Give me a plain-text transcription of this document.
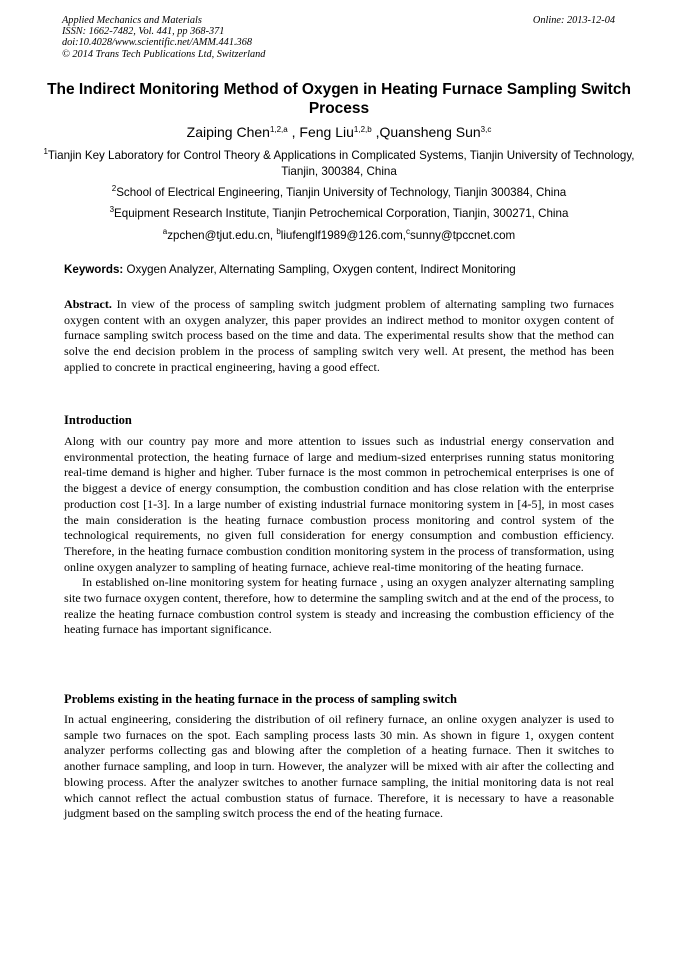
Applied Mechanics and Materials
ISSN: 1662-7482, Vol. 441, pp 368-371
doi:10.4028/www.scientific.net/AMM.441.368
© 2014 Trans Tech Publications Ltd, Switzerland
Online: 2013-12-04
The Indirect Monitoring Method of Oxygen in Heating Furnace Sampling Switch Process
Zaiping Chen$^{1,2,a}$ , Feng Liu$^{1,2,b}$ ,Quansheng Sun$^{3,c}$
$^1$Tianjin Key Laboratory for Control Theory & Applications in Complicated Systems, Tianjin University of Technology, Tianjin, 300384, China
$^2$School of Electrical Engineering, Tianjin University of Technology, Tianjin 300384, China
$^3$Equipment Research Institute, Tianjin Petrochemical Corporation, Tianjin, 300271, China
$^a$zpchen@tjut.edu.cn, $^b$liufenglf1989@126.com,$^c$sunny@tpccnet.com
Keywords: Oxygen Analyzer, Alternating Sampling, Oxygen content, Indirect Monitoring
Abstract. In view of the process of sampling switch judgment problem of alternating sampling two furnaces oxygen content with an oxygen analyzer, this paper provides an indirect method to monitor oxygen content of furnace sampling switch process based on the time and data. The experimental results show that the method can solve the end decision problem in the process of sampling switch very well. At present, the method has been applied to concrete in practical engineering, having a good effect.
Introduction
Along with our country pay more and more attention to issues such as industrial energy conservation and environmental protection, the heating furnace of large and medium-sized enterprises running status monitoring real-time demand is higher and higher. Tuber furnace is the most common in petrochemical enterprises is one of the biggest a device of energy consumption, the combustion condition and has close relation with the enterprise production cost [1-3]. In a large number of existing industrial furnace monitoring system in [4-5], in most cases the main consideration is the heating furnace combustion process monitoring and control system of the technological requirements, no given full consideration for energy consumption and combustion efficiency. Therefore, in the heating furnace combustion condition monitoring system in the process of transformation, using online oxygen analyzer to sampling of heating furnace, achieve real-time monitoring of the heating furnace.
In established on-line monitoring system for heating furnace , using an oxygen analyzer alternating sampling site two furnace oxygen content, therefore, how to determine the sampling switch and at the end of the process, to realize the heating furnace combustion control system is steady and increasing the combustion efficiency of the heating furnace has important significance.
Problems existing in the heating furnace in the process of sampling switch
In actual engineering, considering the distribution of oil refinery furnace, an online oxygen analyzer is used to sample two furnaces on the spot. Each sampling process lasts 30 min. As shown in figure 1, oxygen content analyzer performs collecting gas and blowing after the completion of a heating furnace. Then it switches to another furnace sampling, and loop in turn. However, the analyzer will be mixed with air after the collecting and blowing process. After the analyzer switches to another furnace sampling, the initial monitoring data is not real which cannot reflect the actual combustion status of furnace. Therefore, it is necessary to have a reasonable judgment based on the sampling switch process the end of the heating furnace.
